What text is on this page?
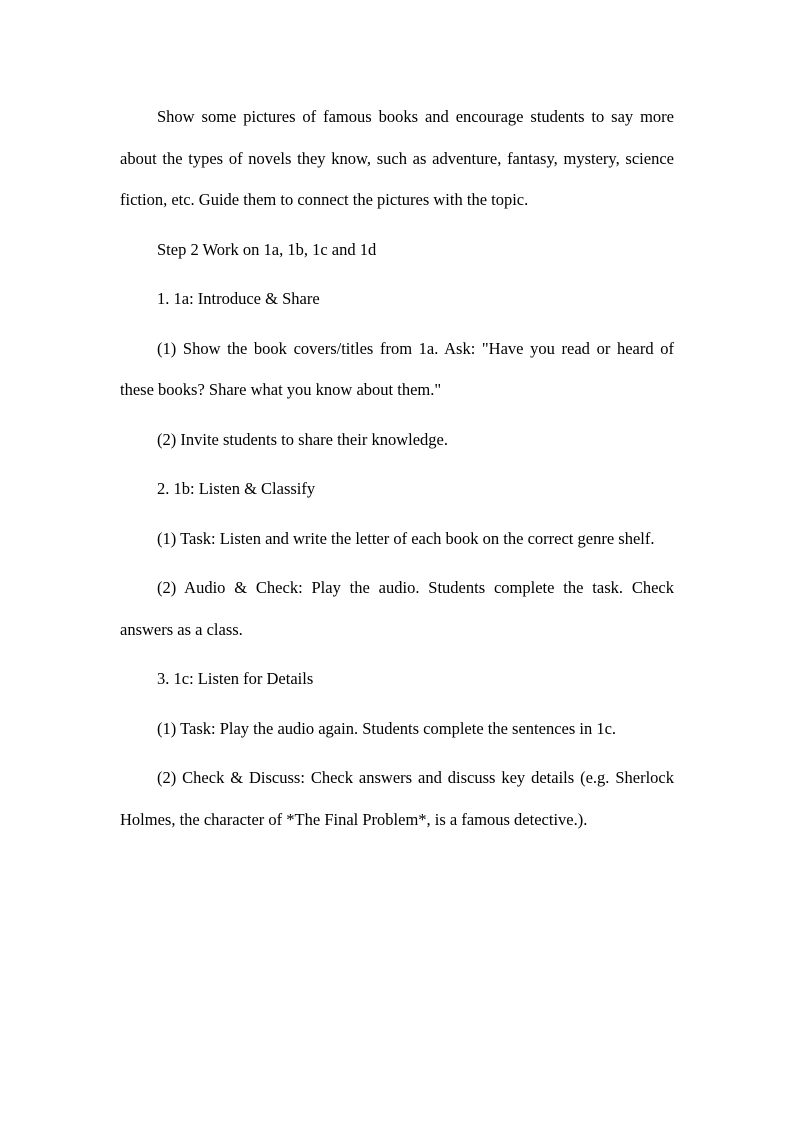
Show some pictures of famous books and encourage students to say more about the types of novels they know, such as adventure, fantasy, mystery, science fiction, etc. Guide them to connect the pictures with the topic.

Step 2 Work on 1a, 1b, 1c and 1d

1. 1a: Introduce & Share

(1) Show the book covers/titles from 1a. Ask: "Have you read or heard of these books? Share what you know about them."

(2) Invite students to share their knowledge.

2. 1b: Listen & Classify

(1) Task: Listen and write the letter of each book on the correct genre shelf.

(2) Audio & Check: Play the audio. Students complete the task. Check answers as a class.

3. 1c: Listen for Details

(1) Task: Play the audio again. Students complete the sentences in 1c.

(2) Check & Discuss: Check answers and discuss key details (e.g. Sherlock Holmes, the character of *The Final Problem*, is a famous detective.).
